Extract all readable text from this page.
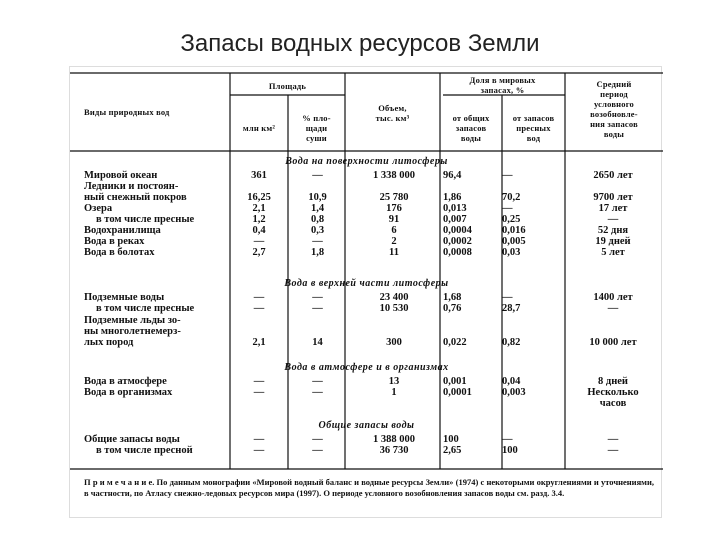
Запасы водных ресурсов Земли
Виды природных вод
Площадь
млн км²
% пло-
щади
суши
Объем,
тыс. км³
Доля в мировых
запасах, %
от общих
запасов
воды
от запасов
пресных
вод
Средний
период
условного
возобновле-
ния запасов
воды
Вода на поверхности литосферы
Вода в верхней части литосферы
Вода в атмосфере и в организмах
Общие запасы воды
Мировой океан	361	—	1 338 000	96,4	—	2650 лет
Ледники и постоян-
ный снежный покров	16,25	10,9	25 780	1,86	70,2	9700 лет
Озера	2,1	1,4	176	0,013	—	17 лет
в том числе пресные	1,2	0,8	91	0,007	0,25	—
Водохранилища	0,4	0,3	6	0,0004	0,016	52 дня
Вода в реках	—	—	2	0,0002	0,005	19 дней
Вода в болотах	2,7	1,8	11	0,0008	0,03	5 лет
Подземные воды	—	—	23 400	1,68	—	1400 лет
в том числе пресные	—	—	10 530	0,76	28,7	—
Подземные льды зо-
ны многолетнемерз-
лых пород	2,1	14	300	0,022	0,82	10 000 лет
Вода в атмосфере	—	—	13	0,001	0,04	8 дней
Вода в организмах	—	—	1	0,0001	0,003	Несколько
часов
Общие запасы воды	—	—	1 388 000	100	—	—
в том числе пресной	—	—	36 730	2,65	100	—
П р и м е ч а н и е. По данным монографии «Мировой водный баланс и водные ресурсы Земли» (1974) с некоторыми округлениями и уточнениями, в частности, по Атласу снежно-ледовых ресурсов мира (1997). О периоде условного возобновления запасов воды см. разд. 3.4.
